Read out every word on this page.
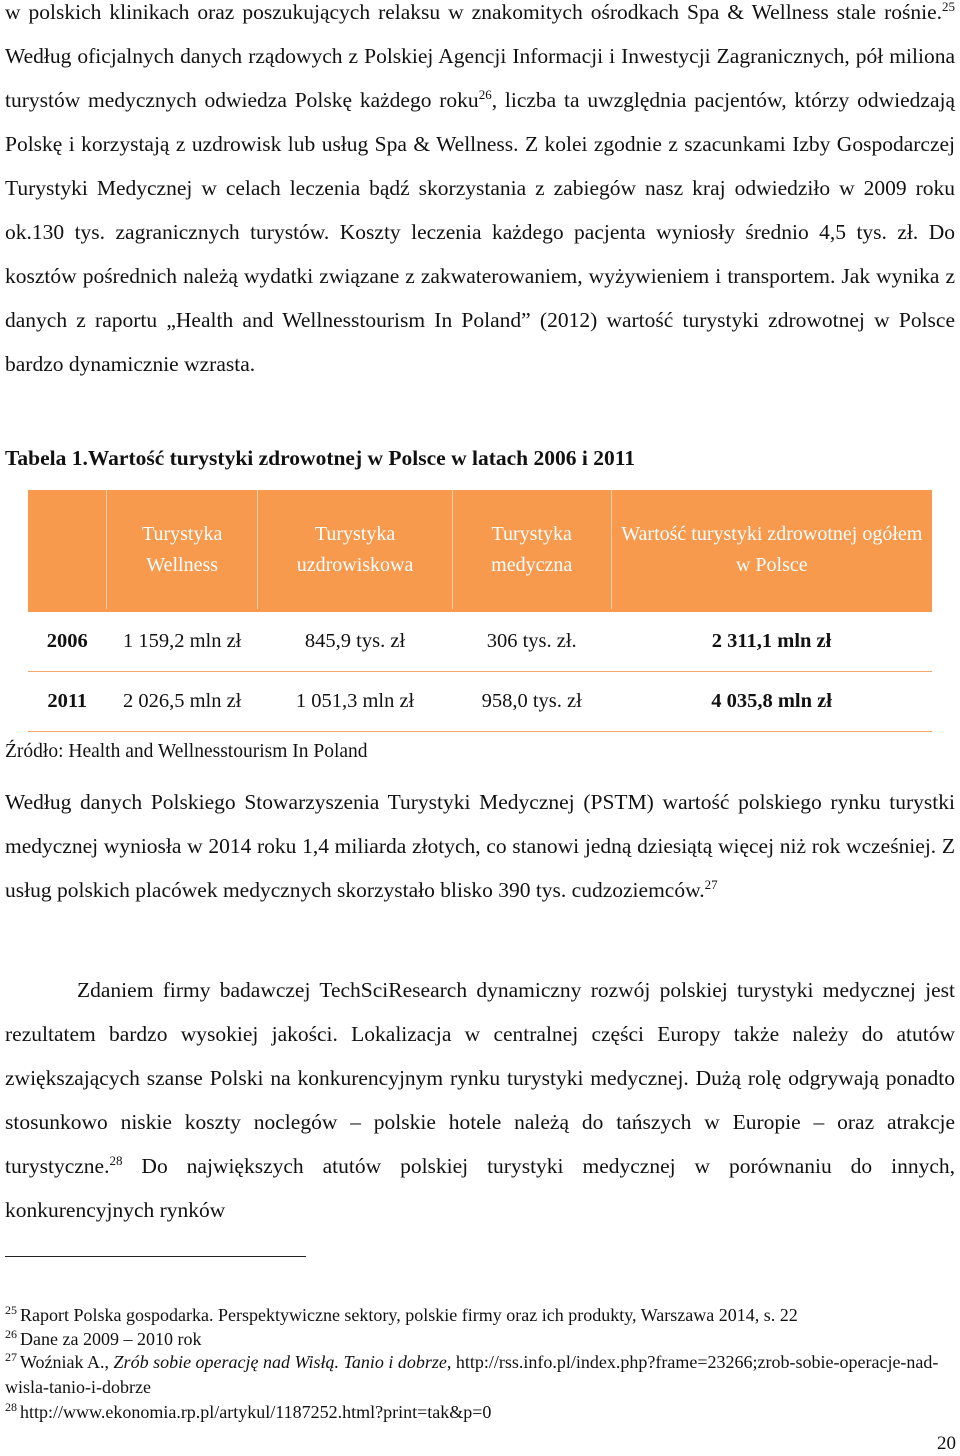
w polskich klinikach oraz poszukujących relaksu w znakomitych ośrodkach Spa & Wellness stale rośnie.$^{25}$ Według oficjalnych danych rządowych z Polskiej Agencji Informacji i Inwestycji Zagranicznych, pół miliona turystów medycznych odwiedza Polskę każdego roku$^{26}$, liczba ta uwzględnia pacjentów, którzy odwiedzają Polskę i korzystają z uzdrowisk lub usług Spa & Wellness. Z kolei zgodnie z szacunkami Izby Gospodarczej Turystyki Medycznej w celach leczenia bądź skorzystania z zabiegów nasz kraj odwiedziło w 2009 roku ok.130 tys. zagranicznych turystów. Koszty leczenia każdego pacjenta wyniosły średnio 4,5 tys. zł. Do kosztów pośrednich należą wydatki związane z zakwaterowaniem, wyżywieniem i transportem. Jak wynika z danych z raportu „Health and Wellnesstourism In Poland” (2012) wartość turystyki zdrowotnej w Polsce bardzo dynamicznie wzrasta.

Tabela 1.Wartość turystyki zdrowotnej w Polsce w latach 2006 i 2011

	Turystyka Wellness	Turystyka uzdrowiskowa	Turystyka medyczna	Wartość turystyki zdrowotnej ogółem w Polsce
2006	1 159,2 mln zł	845,9 tys. zł	306 tys. zł.	2 311,1 mln zł
2011	2 026,5 mln zł	1 051,3 mln zł	958,0 tys. zł	4 035,8 mln zł

Źródło: Health and Wellnesstourism In Poland

Według danych Polskiego Stowarzyszenia Turystyki Medycznej (PSTM) wartość polskiego rynku turystki medycznej wyniosła w 2014 roku 1,4 miliarda złotych, co stanowi jedną dziesiątą więcej niż rok wcześniej. Z usług polskich placówek medycznych skorzystało blisko 390 tys. cudzoziemców.$^{27}$

Zdaniem firmy badawczej TechSciResearch dynamiczny rozwój polskiej turystyki medycznej jest rezultatem bardzo wysokiej jakości. Lokalizacja w centralnej części Europy także należy do atutów zwiększających szanse Polski na konkurencyjnym rynku turystyki medycznej. Dużą rolę odgrywają ponadto stosunkowo niskie koszty noclegów – polskie hotele należą do tańszych w Europie – oraz atrakcje turystyczne.$^{28}$ Do największych atutów polskiej turystyki medycznej w porównaniu do innych, konkurencyjnych rynków

$^{25}$ Raport Polska gospodarka. Perspektywiczne sektory, polskie firmy oraz ich produkty, Warszawa 2014, s. 22

$^{26}$ Dane za 2009 – 2010 rok

$^{27}$ Woźniak A., Zrób sobie operację nad Wisłą. Tanio i dobrze, http://rss.info.pl/index.php?frame=23266;zrob-sobie-operacje-nad-wisla-tanio-i-dobrze

$^{28}$ http://www.ekonomia.rp.pl/artykul/1187252.html?print=tak&p=0

20
